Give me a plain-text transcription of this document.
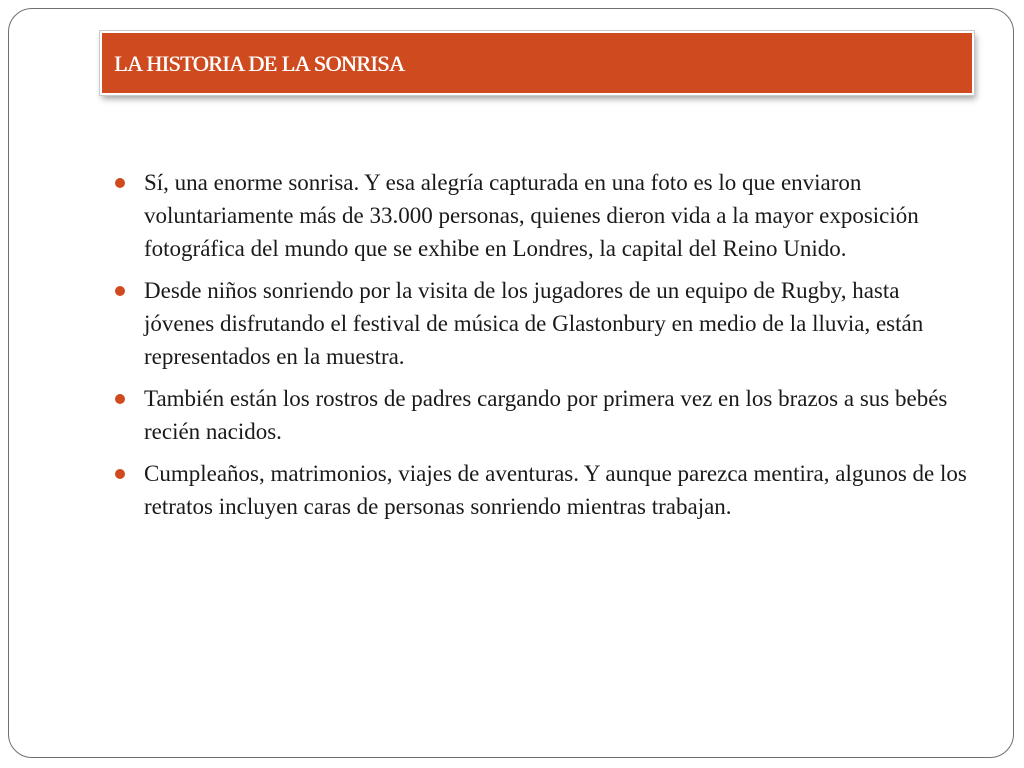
LA HISTORIA DE LA SONRISA
Sí, una enorme sonrisa. Y esa alegría capturada en una foto es lo que enviaron voluntariamente más de 33.000 personas, quienes dieron vida a la mayor exposición fotográfica del mundo que se exhibe en Londres, la capital del Reino Unido.
Desde niños sonriendo por la visita de los jugadores de un equipo de Rugby, hasta jóvenes disfrutando el festival de música de Glastonbury en medio de la lluvia, están representados en la muestra.
También están los rostros de padres cargando por primera vez en los brazos a sus bebés recién nacidos.
Cumpleaños, matrimonios, viajes de aventuras. Y aunque parezca mentira, algunos de los retratos incluyen caras de personas sonriendo mientras trabajan.
